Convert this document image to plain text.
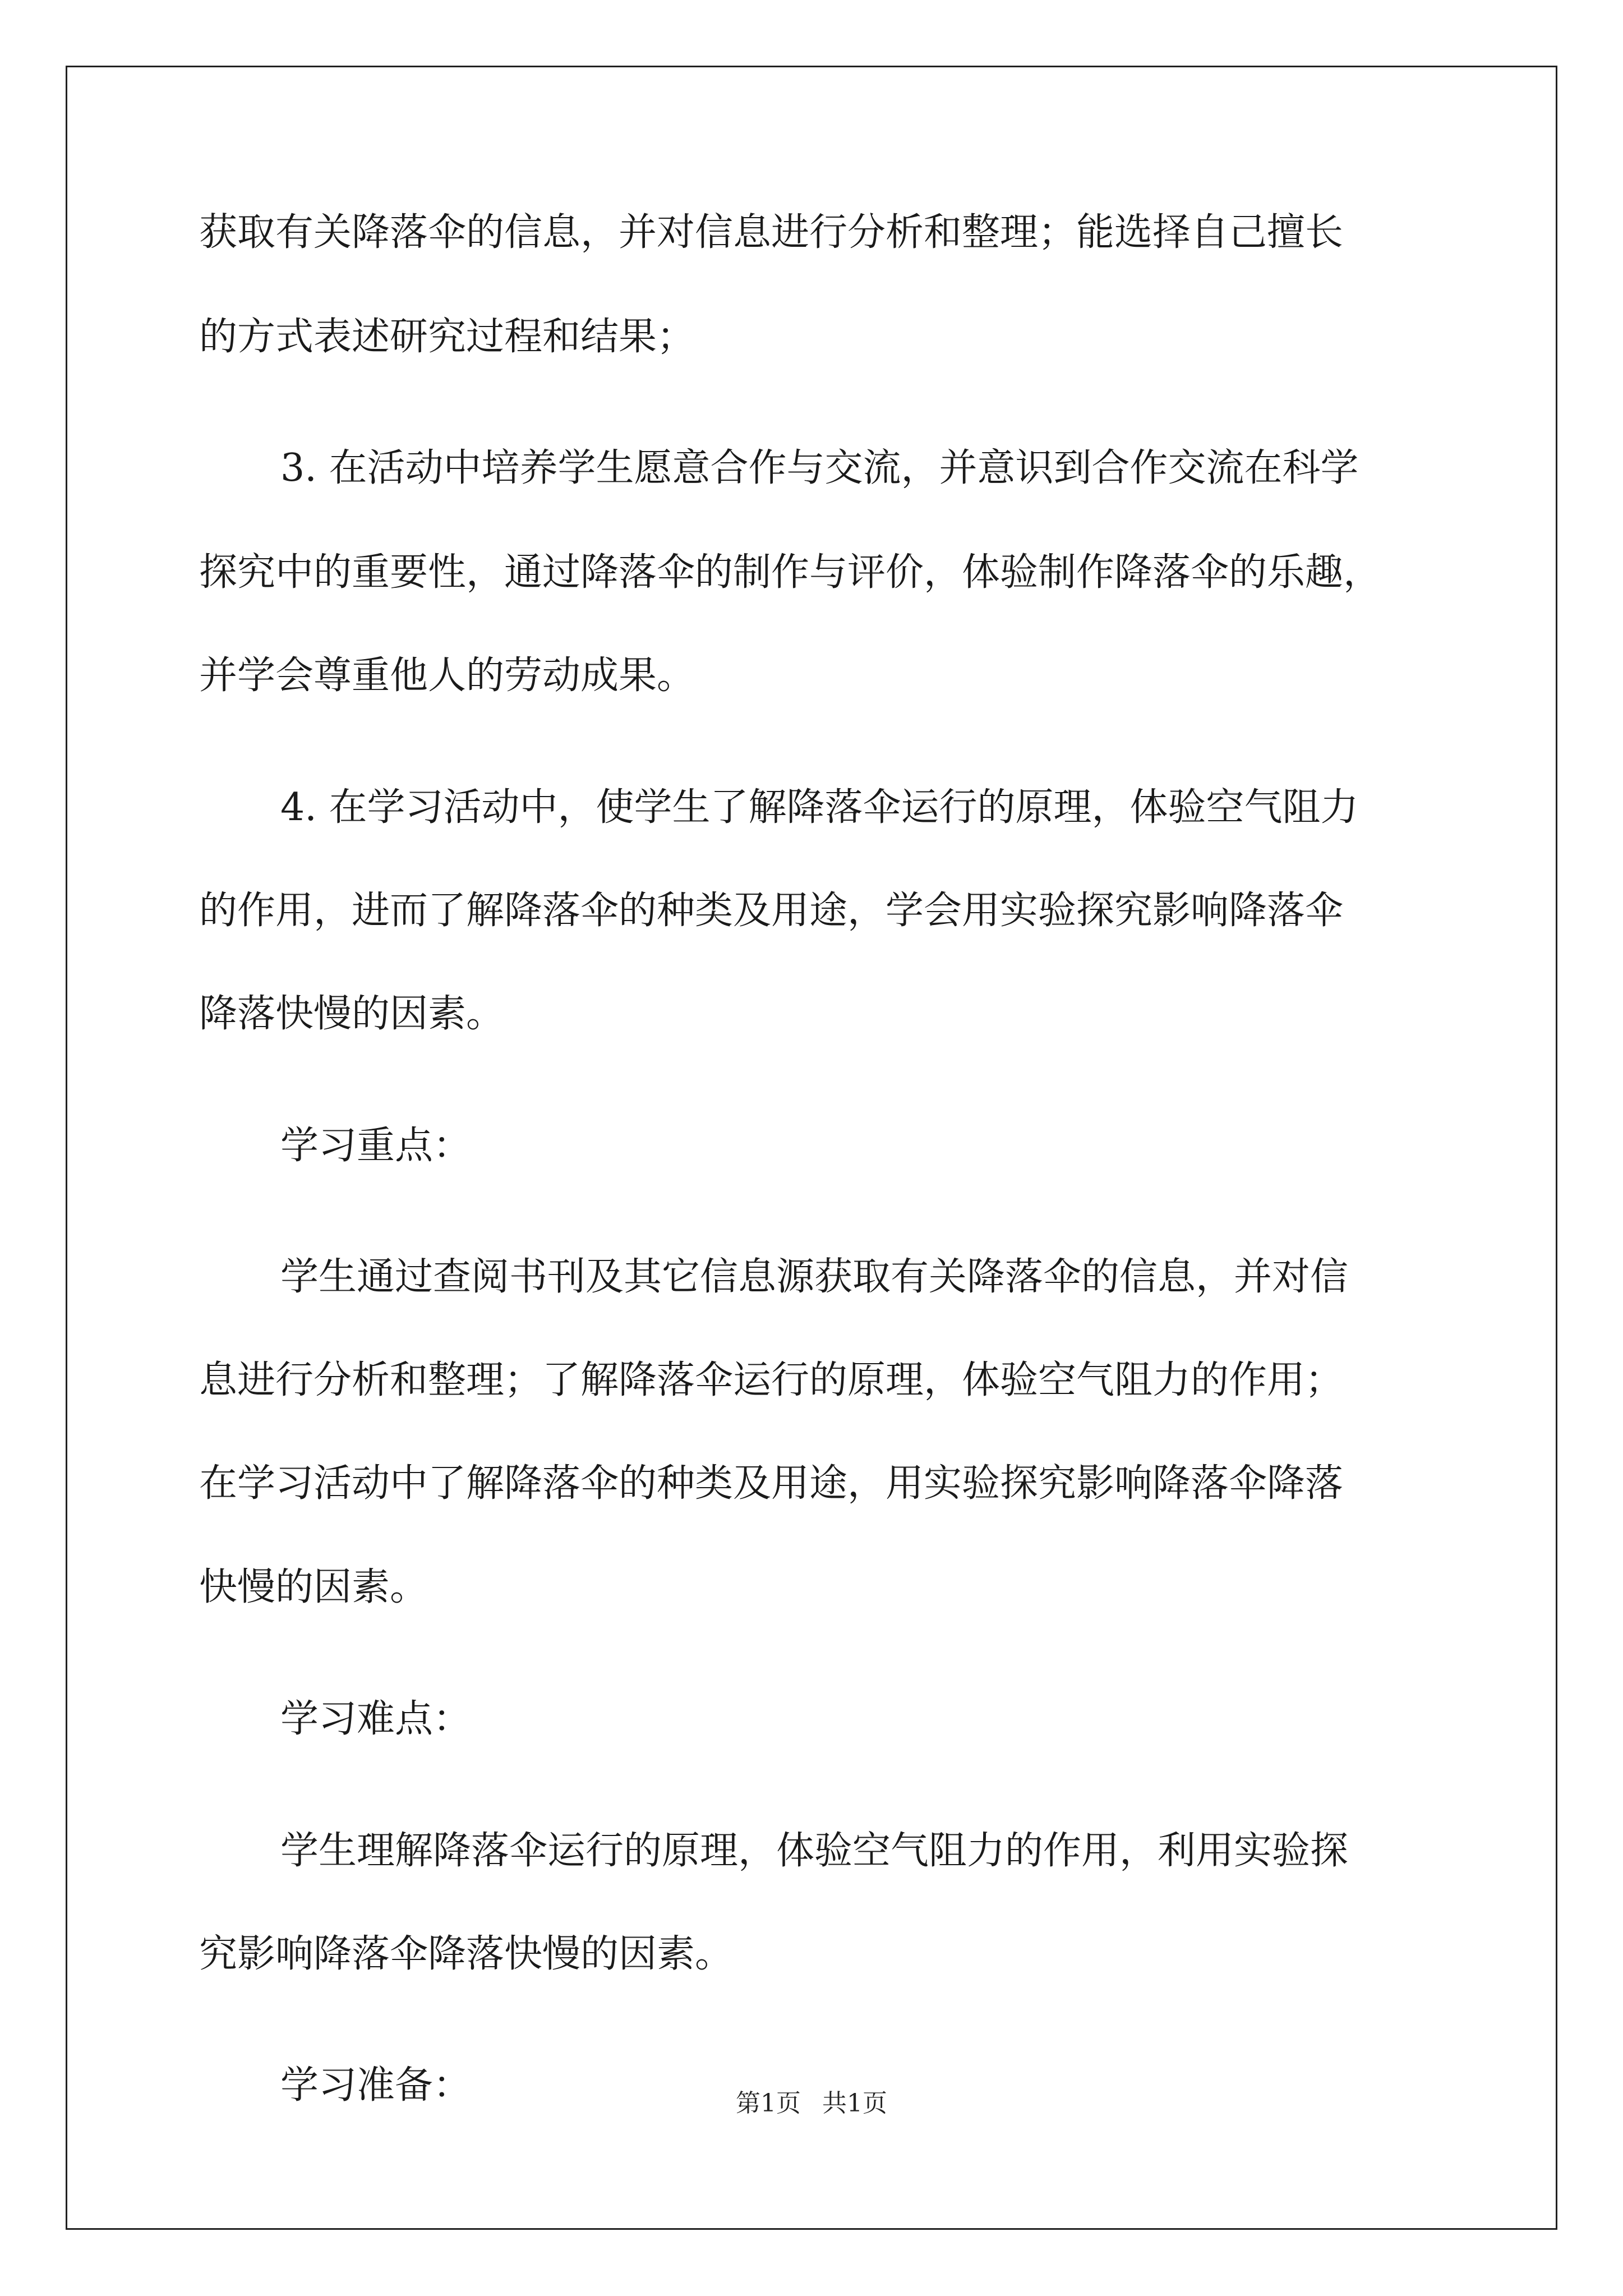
获取有关降落伞的信息，并对信息进行分析和整理；能选择自己擅长
的方式表述研究过程和结果；
3. 在活动中培养学生愿意合作与交流，并意识到合作交流在科学
探究中的重要性，通过降落伞的制作与评价，体验制作降落伞的乐趣，
并学会尊重他人的劳动成果。
4. 在学习活动中，使学生了解降落伞运行的原理，体验空气阻力
的作用，进而了解降落伞的种类及用途，学会用实验探究影响降落伞
降落快慢的因素。
学习重点：
学生通过查阅书刊及其它信息源获取有关降落伞的信息，并对信
息进行分析和整理；了解降落伞运行的原理，体验空气阻力的作用；
在学习活动中了解降落伞的种类及用途，用实验探究影响降落伞降落
快慢的因素。
学习难点：
学生理解降落伞运行的原理，体验空气阻力的作用，利用实验探
究影响降落伞降落快慢的因素。
学习准备：	第1页 共1页
